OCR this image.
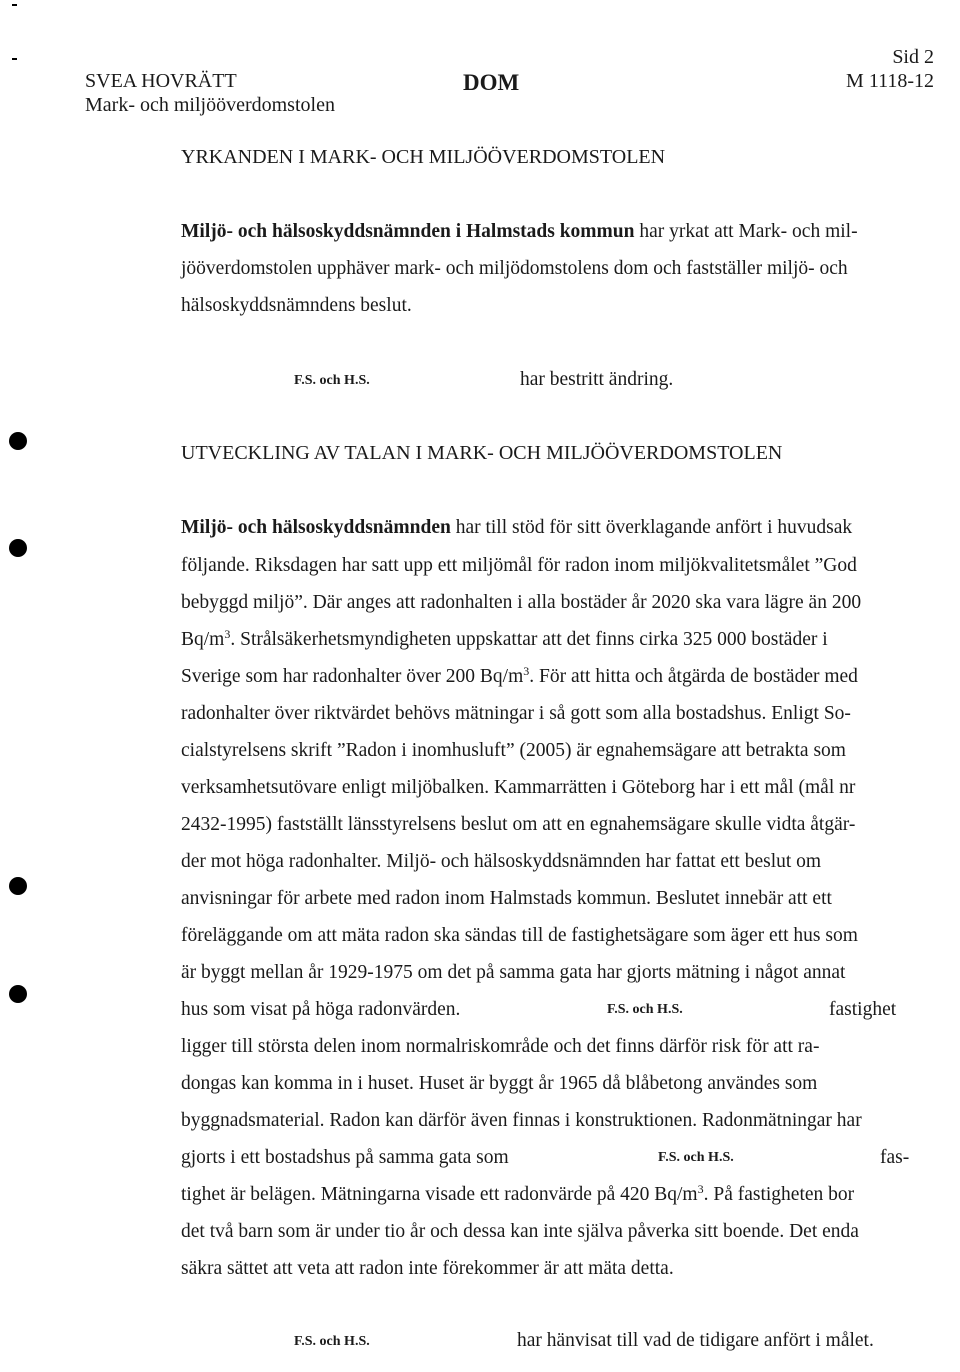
SVEA HOVRÄTT
Mark- och miljööverdomstolen
DOM
Sid 2
M 1118-12
YRKANDEN I MARK- OCH MILJÖÖVERDOMSTOLEN
Miljö- och hälsoskyddsnämnden i Halmstads kommun har yrkat att Mark- och mil-
jööverdomstolen upphäver mark- och miljödomstolens dom och fastställer miljö- och
hälsoskyddsnämndens beslut.
F.S. och H.S.	har bestritt ändring.
UTVECKLING AV TALAN I MARK- OCH MILJÖÖVERDOMSTOLEN
Miljö- och hälsoskyddsnämnden har till stöd för sitt överklagande anfört i huvudsak
följande. Riksdagen har satt upp ett miljömål för radon inom miljökvalitetsmålet ”God
bebyggd miljö”. Där anges att radonhalten i alla bostäder år 2020 ska vara lägre än 200
$Bq/m^3$. Strålsäkerhetsmyndigheten uppskattar att det finns cirka 325 000 bostäder i
Sverige som har radonhalter över 200 $Bq/m^3$. För att hitta och åtgärda de bostäder med
radonhalter över riktvärdet behövs mätningar i så gott som alla bostadshus. Enligt So-
cialstyrelsens skrift ”Radon i inomhusluft” (2005) är egnahemsägare att betrakta som
verksamhetsutövare enligt miljöbalken. Kammarrätten i Göteborg har i ett mål (mål nr
2432-1995) fastställt länsstyrelsens beslut om att en egnahemsägare skulle vidta åtgär-
der mot höga radonhalter. Miljö- och hälsoskyddsnämnden har fattat ett beslut om
anvisningar för arbete med radon inom Halmstads kommun. Beslutet innebär att ett
föreläggande om att mäta radon ska sändas till de fastighetsägare som äger ett hus som
är byggt mellan år 1929-1975 om det på samma gata har gjorts mätning i något annat
hus som visat på höga radonvärden.	F.S. och H.S.	fastighet
ligger till största delen inom normalriskområde och det finns därför risk för att ra-
dongas kan komma in i huset. Huset är byggt år 1965 då blåbetong användes som
byggnadsmaterial. Radon kan därför även finnas i konstruktionen. Radonmätningar har
gjorts i ett bostadshus på samma gata som	F.S. och H.S.	fas-
tighet är belägen. Mätningarna visade ett radonvärde på 420 $Bq/m^3$. På fastigheten bor
det två barn som är under tio år och dessa kan inte själva påverka sitt boende. Det enda
säkra sättet att veta att radon inte förekommer är att mäta detta.
F.S. och H.S.	har hänvisat till vad de tidigare anfört i målet.
